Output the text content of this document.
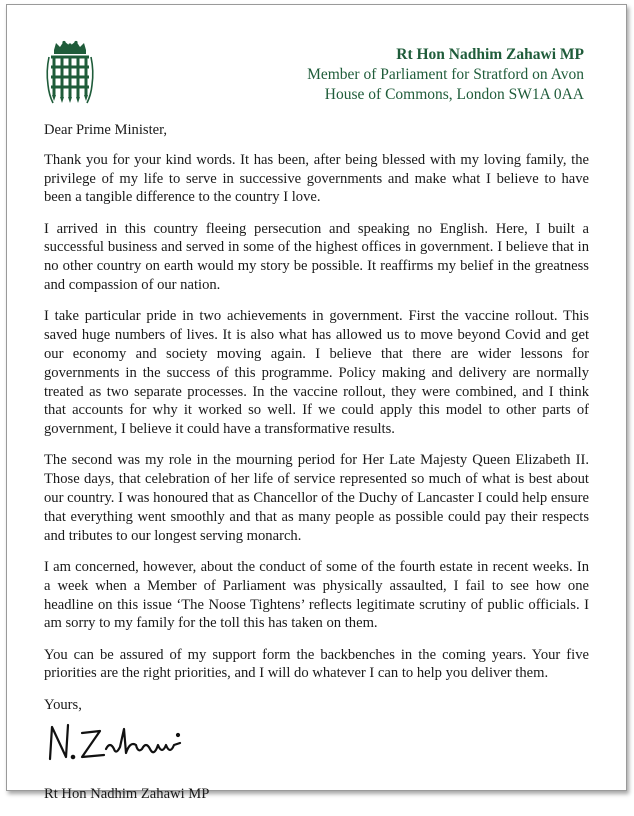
Rt Hon Nadhim Zahawi MP
Member of Parliament for Stratford on Avon
House of Commons, London SW1A 0AA

Dear Prime Minister,

Thank you for your kind words. It has been, after being blessed with my loving family, the privilege of my life to serve in successive governments and make what I believe to have been a tangible difference to the country I love.

I arrived in this country fleeing persecution and speaking no English. Here, I built a successful business and served in some of the highest offices in government. I believe that in no other country on earth would my story be possible. It reaffirms my belief in the greatness and compassion of our nation.

I take particular pride in two achievements in government. First the vaccine rollout. This saved huge numbers of lives. It is also what has allowed us to move beyond Covid and get our economy and society moving again. I believe that there are wider lessons for governments in the success of this programme. Policy making and delivery are normally treated as two separate processes. In the vaccine rollout, they were combined, and I think that accounts for why it worked so well. If we could apply this model to other parts of government, I believe it could have a transformative results.

The second was my role in the mourning period for Her Late Majesty Queen Elizabeth II. Those days, that celebration of her life of service represented so much of what is best about our country. I was honoured that as Chancellor of the Duchy of Lancaster I could help ensure that everything went smoothly and that as many people as possible could pay their respects and tributes to our longest serving monarch.

I am concerned, however, about the conduct of some of the fourth estate in recent weeks. In a week when a Member of Parliament was physically assaulted, I fail to see how one headline on this issue ‘The Noose Tightens’ reflects legitimate scrutiny of public officials. I am sorry to my family for the toll this has taken on them.

You can be assured of my support form the backbenches in the coming years. Your five priorities are the right priorities, and I will do whatever I can to help you deliver them.

Yours,

Rt Hon Nadhim Zahawi MP
